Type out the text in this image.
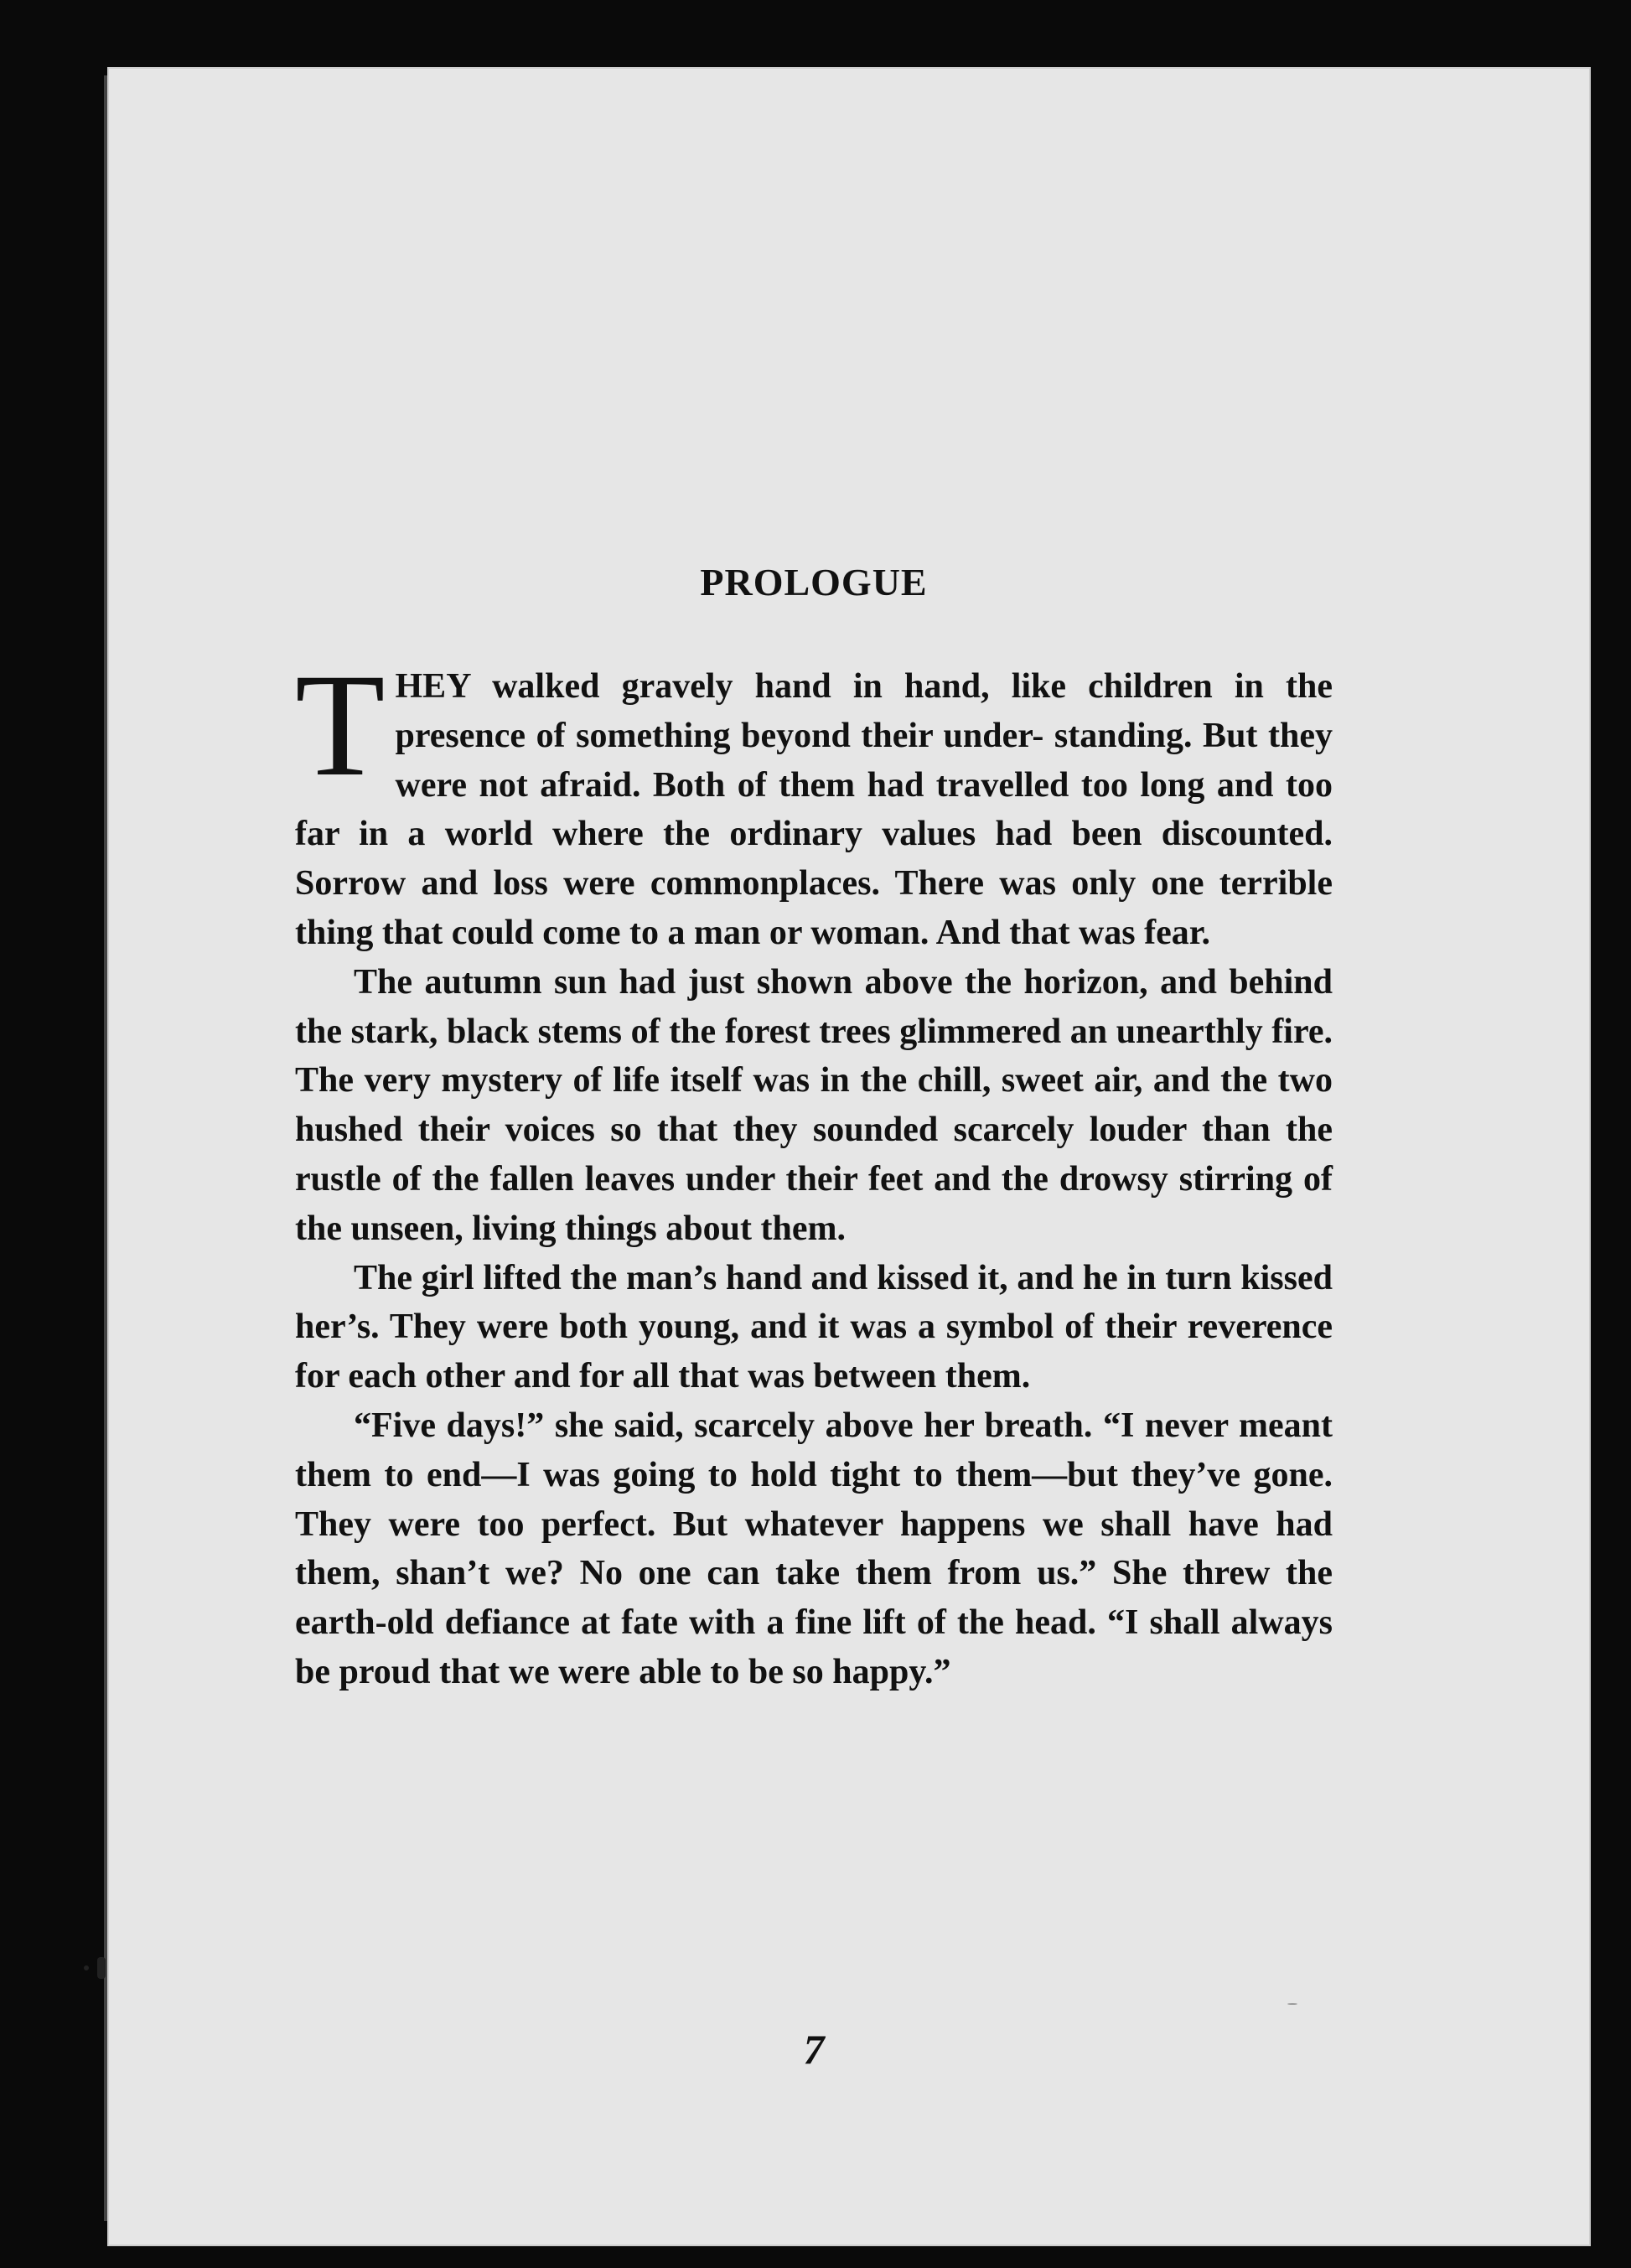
PROLOGUE

THEY walked gravely hand in hand, like children in the presence of something beyond their under- standing. But they were not afraid. Both of them had travelled too long and too far in a world where the ordinary values had been discounted. Sorrow and loss were commonplaces. There was only one terrible thing that could come to a man or woman. And that was fear.

The autumn sun had just shown above the horizon, and behind the stark, black stems of the forest trees glimmered an unearthly fire. The very mystery of life itself was in the chill, sweet air, and the two hushed their voices so that they sounded scarcely louder than the rustle of the fallen leaves under their feet and the drowsy stirring of the unseen, living things about them.

The girl lifted the man’s hand and kissed it, and he in turn kissed her’s. They were both young, and it was a symbol of their reverence for each other and for all that was between them.

“Five days!” she said, scarcely above her breath. “I never meant them to end—I was going to hold tight to them—but they’ve gone. They were too perfect. But whatever happens we shall have had them, shan’t we? No one can take them from us.” She threw the earth-old defiance at fate with a fine lift of the head. “I shall always be proud that we were able to be so happy.”

7
